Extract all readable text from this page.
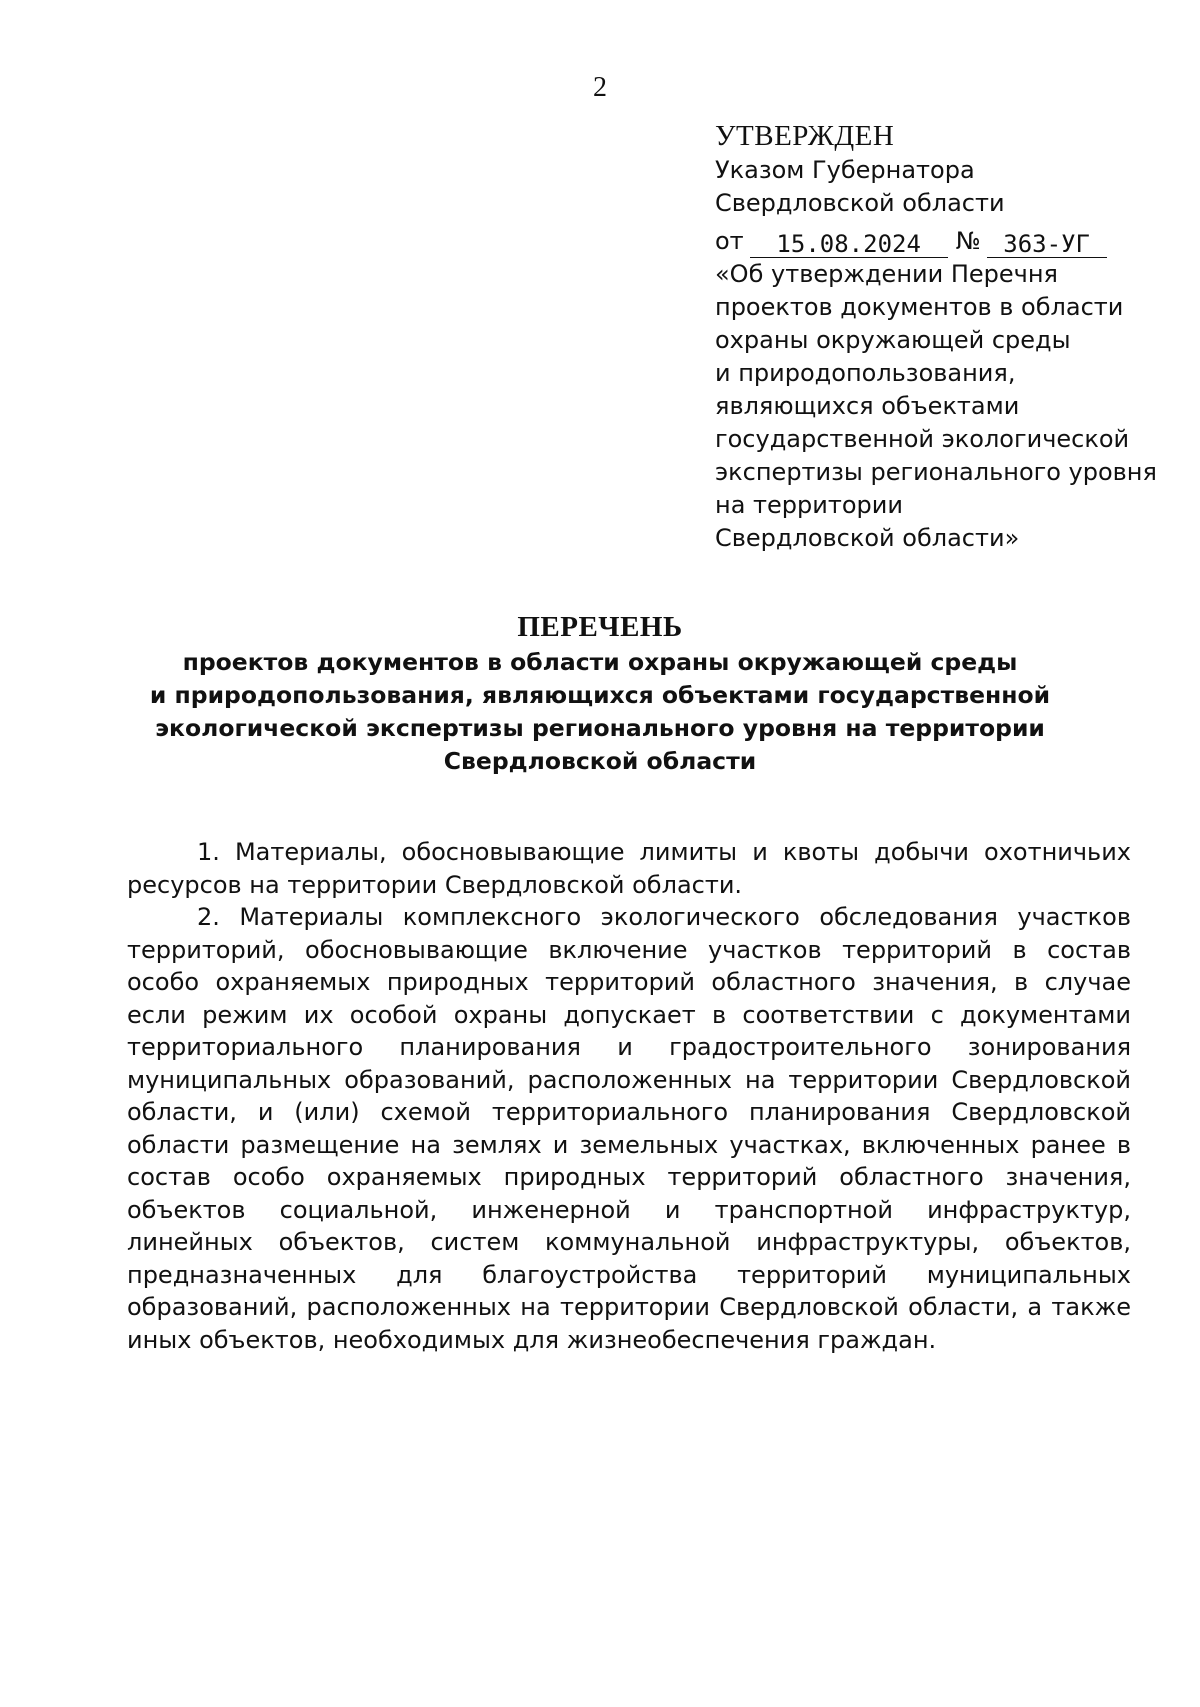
2
УТВЕРЖДЕН
Указом Губернатора
Свердловской области
от	15.08.2024	№ 363-УГ
«Об утверждении Перечня
проектов документов в области
охраны окружающей среды
и природопользования,
являющихся объектами
государственной экологической
экспертизы регионального уровня
на территории
Свердловской области»
ПЕРЕЧЕНЬ
проектов документов в области охраны окружающей среды
и природопользования, являющихся объектами государственной
экологической экспертизы регионального уровня на территории
Свердловской области

1. Материалы, обосновывающие лимиты и квоты добычи охотничьих ресурсов на территории Свердловской области.

2. Материалы комплексного экологического обследования участков территорий, обосновывающие включение участков территорий в состав особо охраняемых природных территорий областного значения, в случае если режим их особой охраны допускает в соответствии с документами территориального планирования и градостроительного зонирования муниципальных образований, расположенных на территории Свердловской области, и (или) схемой территориального планирования Свердловской области размещение на землях и земельных участках, включенных ранее в состав особо охраняемых природных территорий областного значения, объектов социальной, инженерной и транспортной инфраструктур, линейных объектов, систем коммунальной инфраструктуры, объектов, предназначенных для благоустройства территорий муниципальных образований, расположенных на территории Свердловской области, а также иных объектов, необходимых для жизнеобеспечения граждан.
